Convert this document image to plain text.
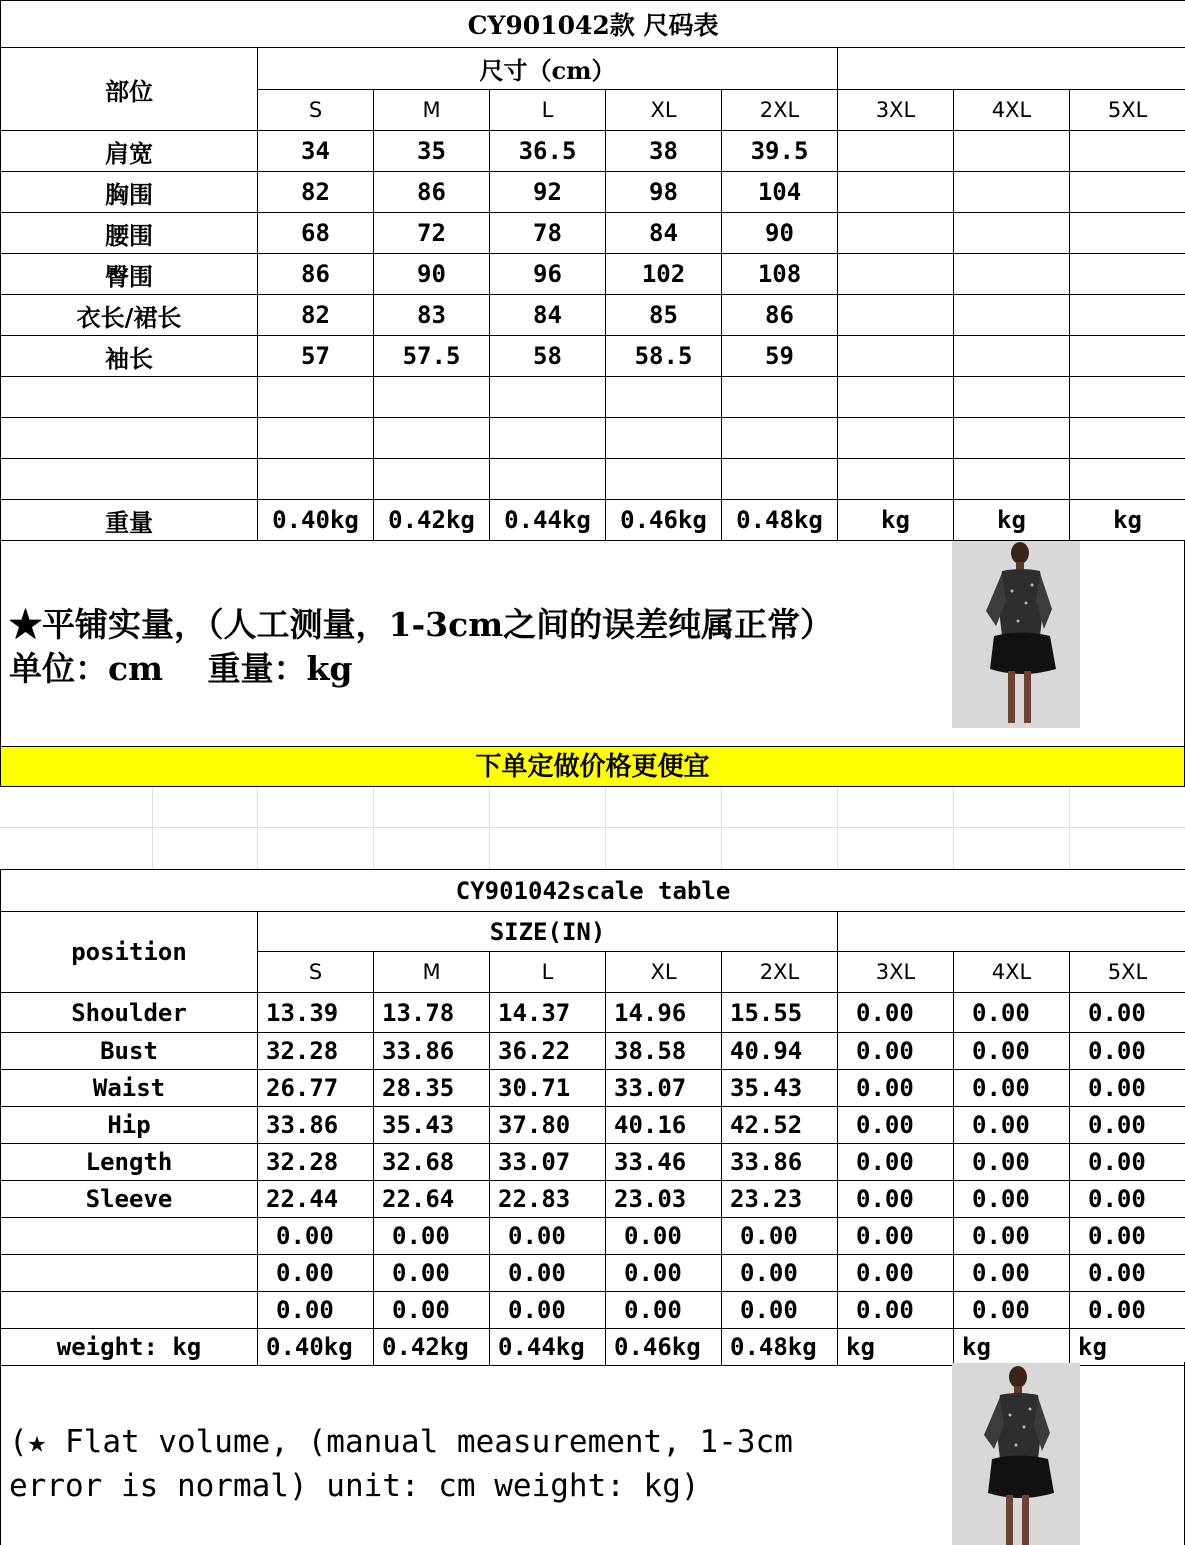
CY901042款 尺码表								
部位	尺寸（cm）							
	S	M	L	XL	2XL	3XL	4XL	5XL
肩宽	34	35	36.5	38	39.5			
胸围	82	86	92	98	104			
腰围	68	72	78	84	90			
臀围	86	90	96	102	108			
衣长/裙长	82	83	84	85	86			
袖长	57	57.5	58	58.5	59			

重量	0.40kg	0.42kg	0.44kg	0.46kg	0.48kg	kg	kg	kg
★平铺实量，（人工测量，1-3cm之间的误差纯属正常）
单位：cm　 重量：kg
下单定做价格更便宜
CY901042scale table								
position	SIZE(IN)							
	S	M	L	XL	2XL	3XL	4XL	5XL
Shoulder	13.39	13.78	14.37	14.96	15.55	0.00	0.00	0.00
Bust	32.28	33.86	36.22	38.58	40.94	0.00	0.00	0.00
Waist	26.77	28.35	30.71	33.07	35.43	0.00	0.00	0.00
Hip	33.86	35.43	37.80	40.16	42.52	0.00	0.00	0.00
Length	32.28	32.68	33.07	33.46	33.86	0.00	0.00	0.00
Sleeve	22.44	22.64	22.83	23.03	23.23	0.00	0.00	0.00
	0.00	0.00	0.00	0.00	0.00	0.00	0.00	0.00
	0.00	0.00	0.00	0.00	0.00	0.00	0.00	0.00
	0.00	0.00	0.00	0.00	0.00	0.00	0.00	0.00
weight: kg	0.40kg	0.42kg	0.44kg	0.46kg	0.48kg	kg	kg	kg
(★ Flat volume, (manual measurement, 1-3cm
error is normal) unit: cm weight: kg)
